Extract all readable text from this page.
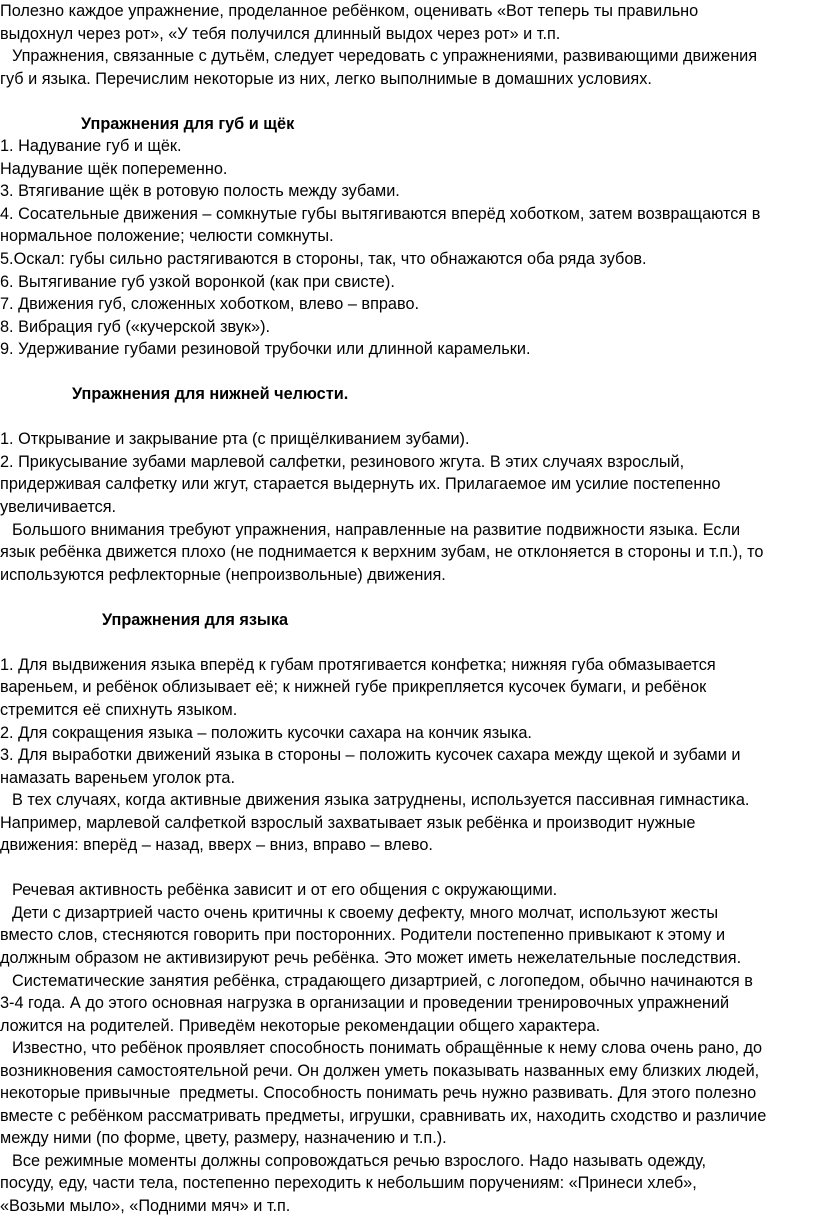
Полезно каждое упражнение, проделанное ребёнком, оценивать «Вот теперь ты правильно
выдохнул через рот», «У тебя получился длинный выдох через рот» и т.п.
Упражнения, связанные с дутьём, следует чередовать с упражнениями, развивающими движения
губ и языка. Перечислим некоторые из них, легко выполнимые в домашних условиях.
Упражнения для губ и щёк
1. Надувание губ и щёк.
Надувание щёк попеременно.
3. Втягивание щёк в ротовую полость между зубами.
4. Сосательные движения – сомкнутые губы вытягиваются вперёд хоботком, затем возвращаются в
нормальное положение; челюсти сомкнуты.
5.Оскал: губы сильно растягиваются в стороны, так, что обнажаются оба ряда зубов.
6. Вытягивание губ узкой воронкой (как при свисте).
7. Движения губ, сложенных хоботком, влево – вправо.
8. Вибрация губ («кучерской звук»).
9. Удерживание губами резиновой трубочки или длинной карамельки.
Упражнения для нижней челюсти.
1. Открывание и закрывание рта (с прищёлкиванием зубами).
2. Прикусывание зубами марлевой салфетки, резинового жгута. В этих случаях взрослый,
придерживая салфетку или жгут, старается выдернуть их. Прилагаемое им усилие постепенно
увеличивается.
Большого внимания требуют упражнения, направленные на развитие подвижности языка. Если
язык ребёнка движется плохо (не поднимается к верхним зубам, не отклоняется в стороны и т.п.), то
используются рефлекторные (непроизвольные) движения.
Упражнения для языка
1. Для выдвижения языка вперёд к губам протягивается конфетка; нижняя губа обмазывается
вареньем, и ребёнок облизывает её; к нижней губе прикрепляется кусочек бумаги, и ребёнок
стремится её спихнуть языком.
2. Для сокращения языка – положить кусочки сахара на кончик языка.
3. Для выработки движений языка в стороны – положить кусочек сахара между щекой и зубами и
намазать вареньем уголок рта.
В тех случаях, когда активные движения языка затруднены, используется пассивная гимнастика.
Например, марлевой салфеткой взрослый захватывает язык ребёнка и производит нужные
движения: вперёд – назад, вверх – вниз, вправо – влево.
Речевая активность ребёнка зависит и от его общения с окружающими.
Дети с дизартрией часто очень критичны к своему дефекту, много молчат, используют жесты
вместо слов, стесняются говорить при посторонних. Родители постепенно привыкают к этому и
должным образом не активизируют речь ребёнка. Это может иметь нежелательные последствия.
Систематические занятия ребёнка, страдающего дизартрией, с логопедом, обычно начинаются в
3-4 года. А до этого основная нагрузка в организации и проведении тренировочных упражнений
ложится на родителей. Приведём некоторые рекомендации общего характера.
Известно, что ребёнок проявляет способность понимать обращённые к нему слова очень рано, до
возникновения самостоятельной речи. Он должен уметь показывать названных ему близких людей,
некоторые привычные  предметы. Способность понимать речь нужно развивать. Для этого полезно
вместе с ребёнком рассматривать предметы, игрушки, сравнивать их, находить сходство и различие
между ними (по форме, цвету, размеру, назначению и т.п.).
Все режимные моменты должны сопровождаться речью взрослого. Надо называть одежду,
посуду, еду, части тела, постепенно переходить к небольшим поручениям: «Принеси хлеб»,
«Возьми мыло», «Подними мяч» и т.п.
